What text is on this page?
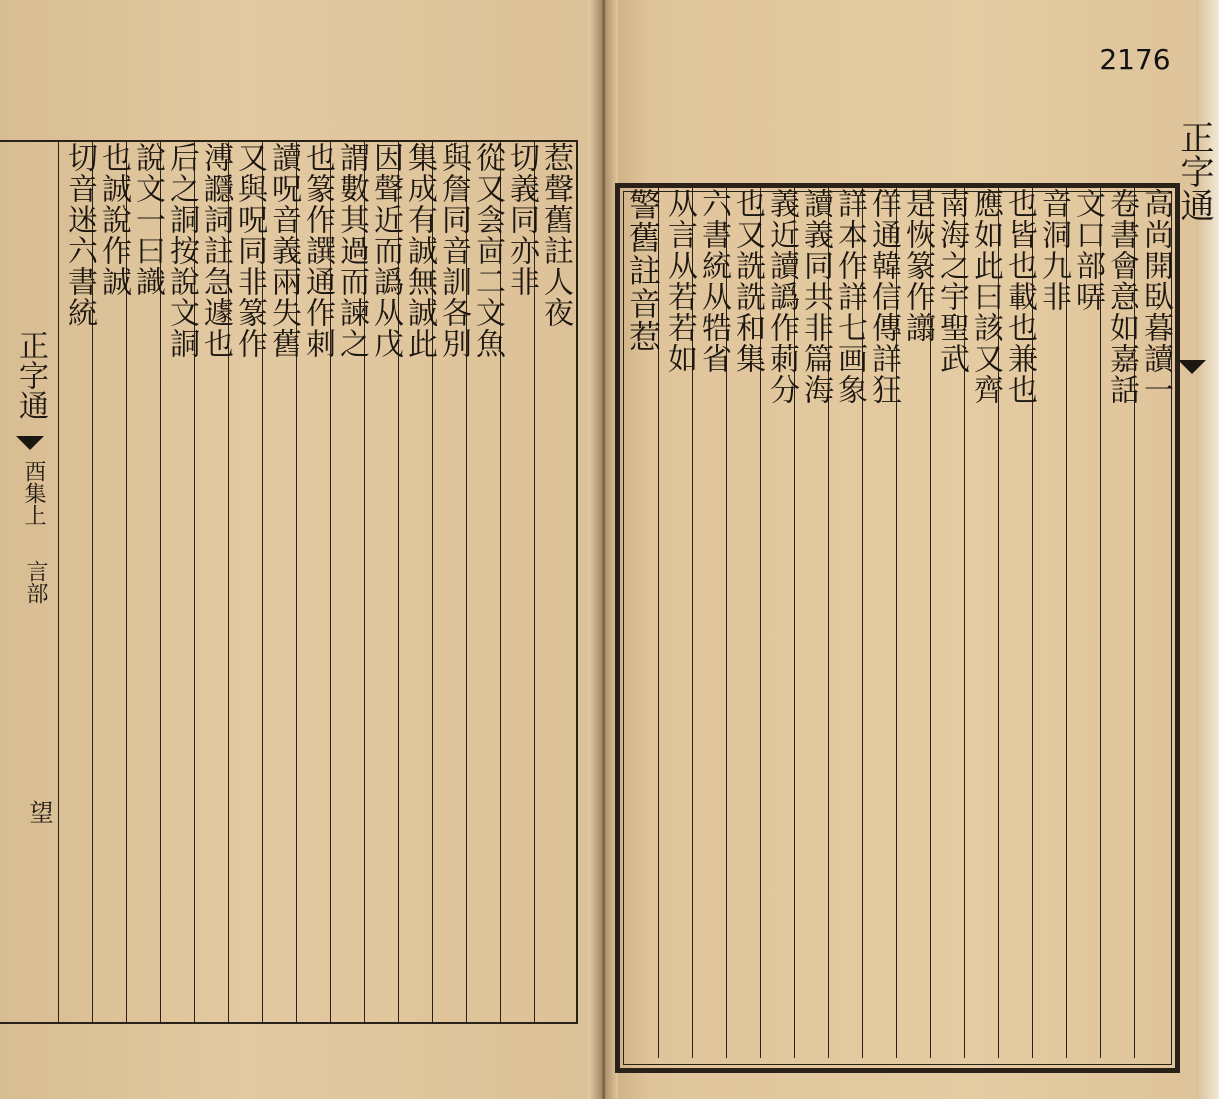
2176
正字通
酉集上
言部
望
正字通
惹聲舊註人夜
切義同亦非
從又侌㐭二文魚
與詹同音訓各別
集成有誠無誠此
因聲近而譌从戊
謂數其過而諫之
也篆作譔通作刺
讀呪音義兩失舊
又與呪同非篆作
溥讔詞註急遽也
后之詷按說文詷
說文一曰識
也誠說作誠
切音迷六書統	高尚開臥暮讀一
卷書會意如嘉話
文口部哢
音洞九非
也皆也載也兼也
應如此曰該又齊
南海之宇聖武
是恢篆作譾
佯通韓信傳詳狂
詳本作詳七画象
讀義同共非篇海
義近讀譌作莿分
也又詵詵和集
六書統从牿省
从言从若若如
警舊註音惹
